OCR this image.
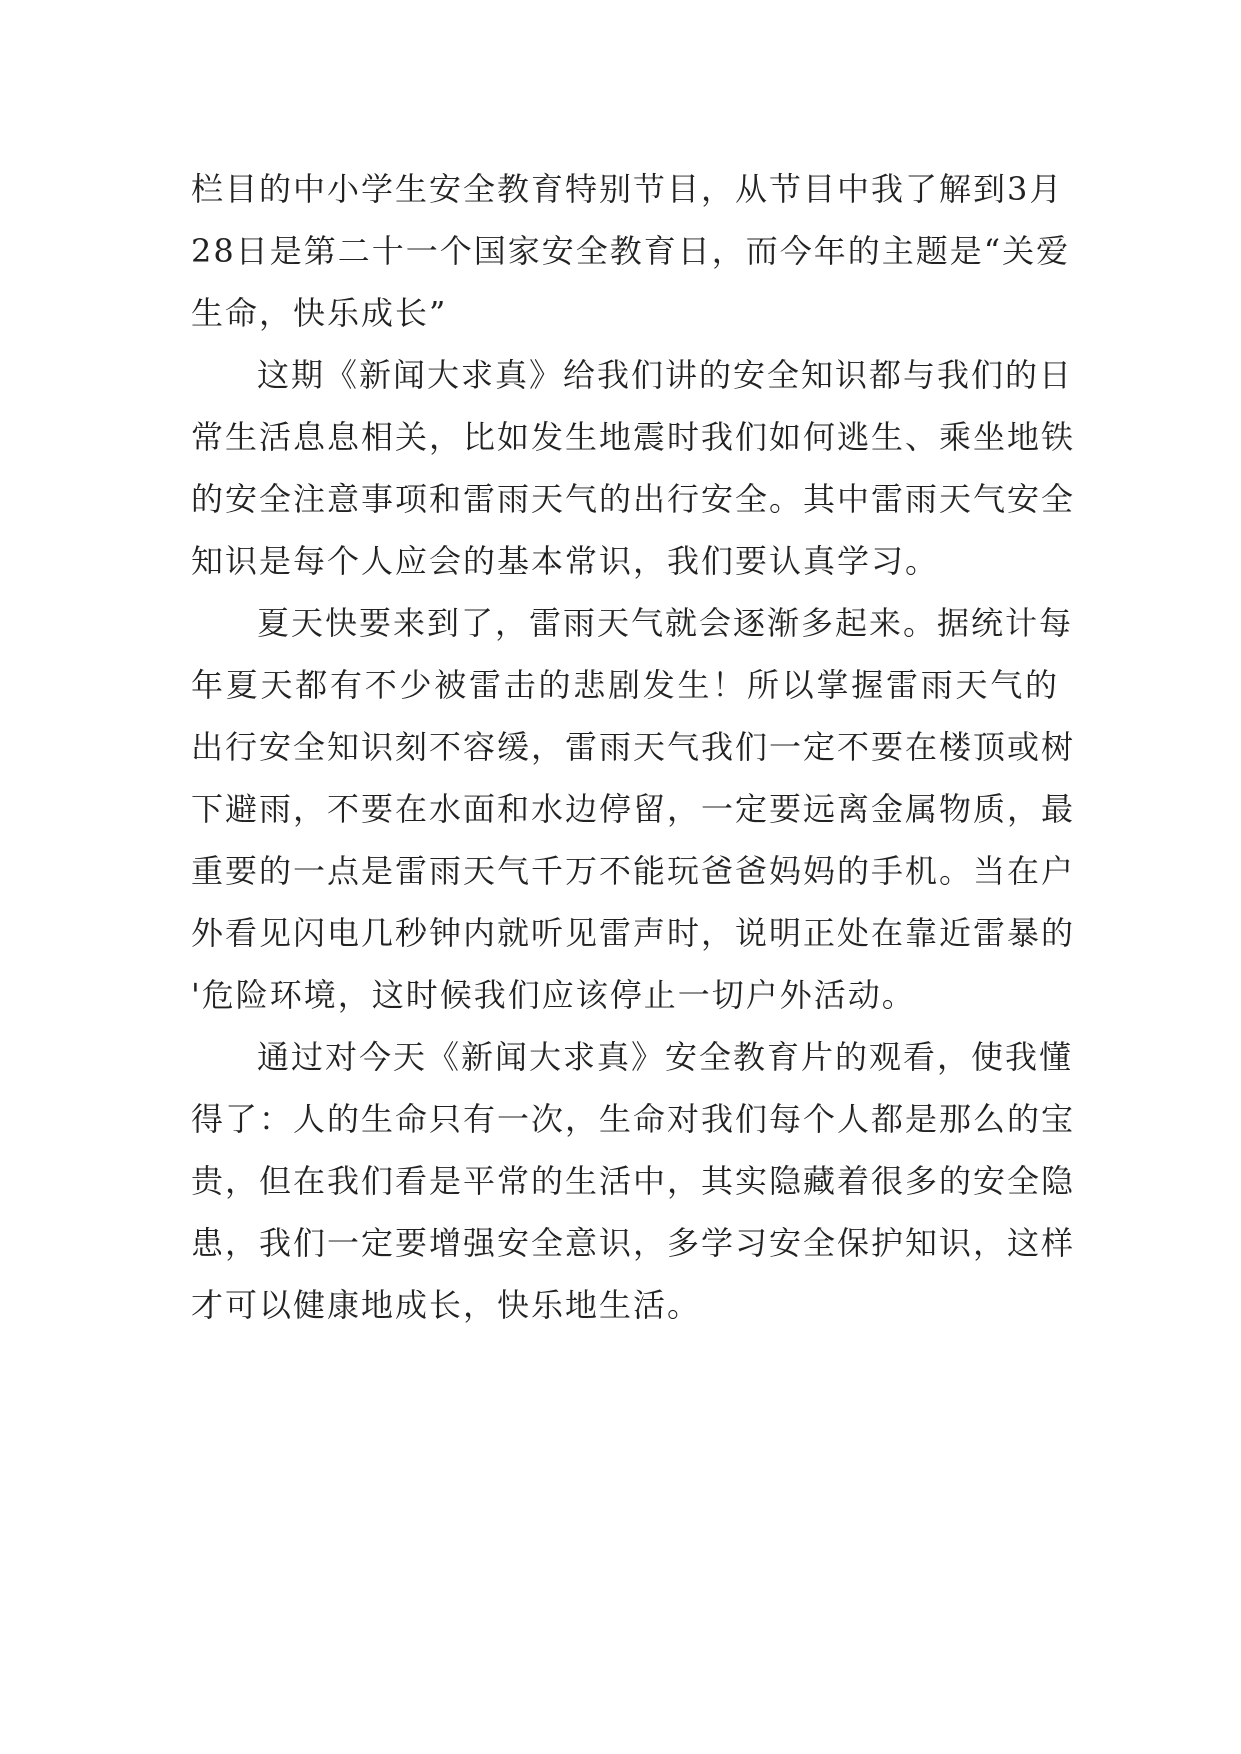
栏目的中小学生安全教育特别节目，从节目中我了解到3月
28日是第二十一个国家安全教育日，而今年的主题是“关爱
生命，快乐成长”
这期《新闻大求真》给我们讲的安全知识都与我们的日
常生活息息相关，比如发生地震时我们如何逃生、乘坐地铁
的安全注意事项和雷雨天气的出行安全。其中雷雨天气安全
知识是每个人应会的基本常识，我们要认真学习。
夏天快要来到了，雷雨天气就会逐渐多起来。据统计每
年夏天都有不少被雷击的悲剧发生！所以掌握雷雨天气的
出行安全知识刻不容缓，雷雨天气我们一定不要在楼顶或树
下避雨，不要在水面和水边停留，一定要远离金属物质，最
重要的一点是雷雨天气千万不能玩爸爸妈妈的手机。当在户
外看见闪电几秒钟内就听见雷声时，说明正处在靠近雷暴的
'危险环境，这时候我们应该停止一切户外活动。
通过对今天《新闻大求真》安全教育片的观看，使我懂
得了：人的生命只有一次，生命对我们每个人都是那么的宝
贵，但在我们看是平常的生活中，其实隐藏着很多的安全隐
患，我们一定要增强安全意识，多学习安全保护知识，这样
才可以健康地成长，快乐地生活。
